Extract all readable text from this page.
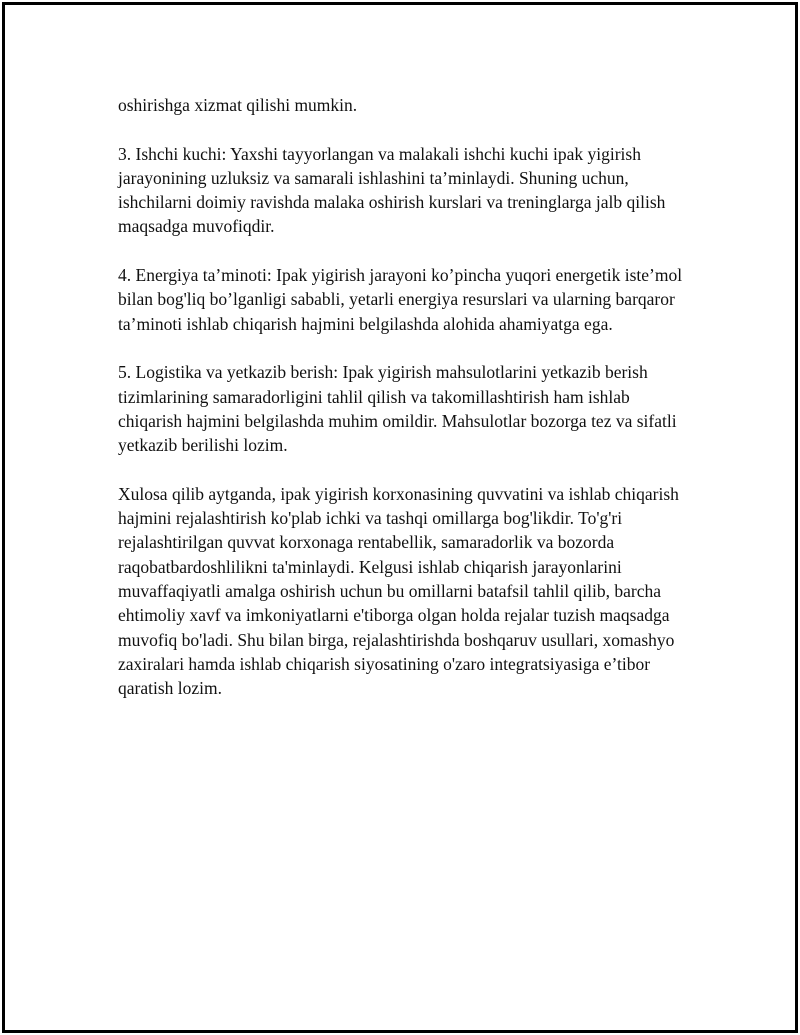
oshirishga xizmat qilishi mumkin.

3. Ishchi kuchi: Yaxshi tayyorlangan va malakali ishchi kuchi ipak yigirish jarayonining uzluksiz va samarali ishlashini ta’minlaydi. Shuning uchun, ishchilarni doimiy ravishda malaka oshirish kurslari va treninglarga jalb qilish maqsadga muvofiqdir.

4. Energiya ta’minoti: Ipak yigirish jarayoni ko’pincha yuqori energetik iste’mol bilan bog'liq bo’lganligi sababli, yetarli energiya resurslari va ularning barqaror ta’minoti ishlab chiqarish hajmini belgilashda alohida ahamiyatga ega.

5. Logistika va yetkazib berish: Ipak yigirish mahsulotlarini yetkazib berish tizimlarining samaradorligini tahlil qilish va takomillashtirish ham ishlab chiqarish hajmini belgilashda muhim omildir. Mahsulotlar bozorga tez va sifatli yetkazib berilishi lozim.

Xulosa qilib aytganda, ipak yigirish korxonasining quvvatini va ishlab chiqarish hajmini rejalashtirish ko'plab ichki va tashqi omillarga bog'likdir. To'g'ri rejalashtirilgan quvvat korxonaga rentabellik, samaradorlik va bozorda raqobatbardoshlilikni ta'minlaydi. Kelgusi ishlab chiqarish jarayonlarini muvaffaqiyatli amalga oshirish uchun bu omillarni batafsil tahlil qilib, barcha ehtimoliy xavf va imkoniyatlarni e'tiborga olgan holda rejalar tuzish maqsadga muvofiq bo'ladi. Shu bilan birga, rejalashtirishda boshqaruv usullari, xomashyo zaxiralari hamda ishlab chiqarish siyosatining o'zaro integratsiyasiga e’tibor qaratish lozim.
